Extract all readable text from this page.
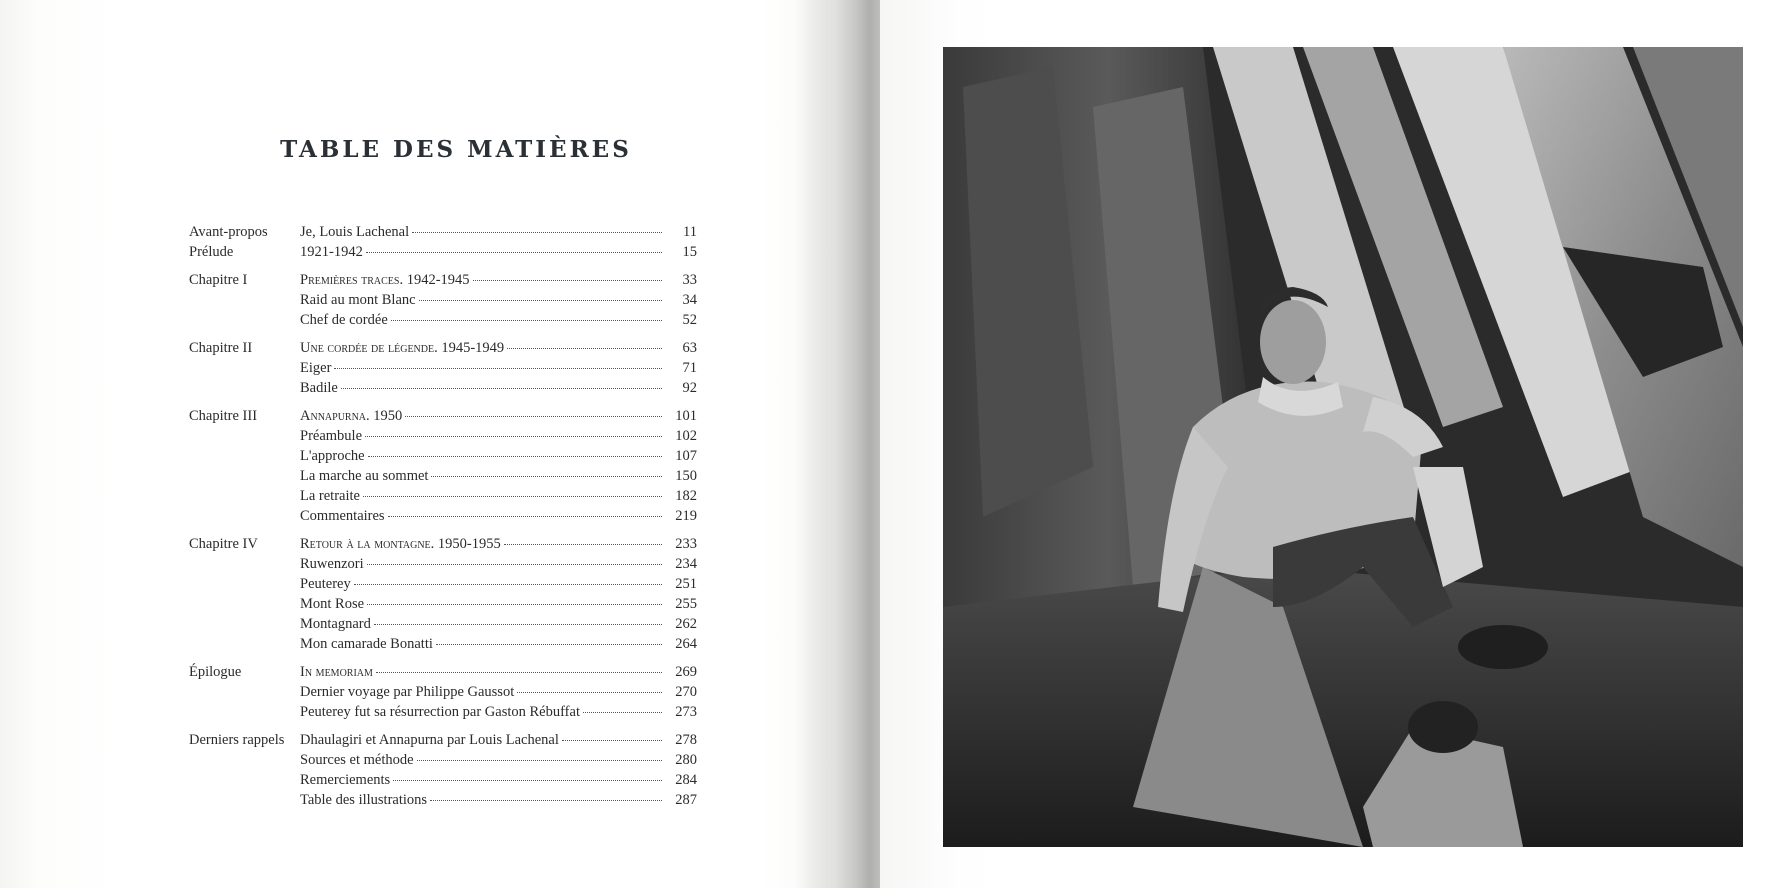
TABLE DES MATIÈRES
Avant-propos	Je, Louis Lachenal	11
Prélude	1921-1942	15
Chapitre I	Premières traces. 1942-1945	33
Raid au mont Blanc	34
Chef de cordée	52
Chapitre II	Une cordée de légende. 1945-1949	63
Eiger	71
Badile	92
Chapitre III	Annapurna. 1950	101
Préambule	102
L'approche	107
La marche au sommet	150
La retraite	182
Commentaires	219
Chapitre IV	Retour à la montagne. 1950-1955	233
Ruwenzori	234
Peuterey	251
Mont Rose	255
Montagnard	262
Mon camarade Bonatti	264
Épilogue	In memoriam	269
Dernier voyage par Philippe Gaussot	270
Peuterey fut sa résurrection par Gaston Rébuffat	273
Derniers rappels	Dhaulagiri et Annapurna par Louis Lachenal	278
Sources et méthode	280
Remerciements	284
Table des illustrations	287
